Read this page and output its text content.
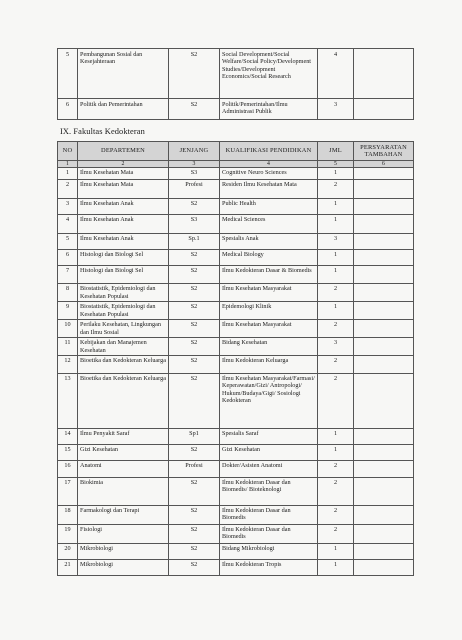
5	Pembangunan Sosial dan Kesejahteraan	S2	Social Development/Social Welfare/Social Policy/Development Studies/Development Economics/Social Research	4	
6	Politik dan Pemerintahan	S2	Politik/Pemerintahan/Ilmu Administrasi Publik	3	
IX. Fakultas Kedokteran
NO	DEPARTEMEN	JENJANG	KUALIFIKASI PENDIDIKAN	JML	PERSYARATAN TAMBAHAN
1	2	3	4	5	6
1	Ilmu Kesehatan Mata	S3	Cognitive Neuro Sciences	1	
2	Ilmu Kesehatan Mata	Profesi	Residen Ilmu Kesehatan Mata	2	
3	Ilmu Kesehatan Anak	S2	Public Health	1	
4	Ilmu Kesehatan Anak	S3	Medical Sciences	1	
5	Ilmu Kesehatan Anak	Sp.1	Spesialis Anak	3	
6	Histologi dan Biologi Sel	S2	Medical Biology	1	
7	Histologi dan Biologi Sel	S2	Ilmu Kedokteran Dasar & Biomedis	1	
8	Biostatistik, Epidemiologi dan Kesehatan Populasi	S2	Ilmu Kesehatan Masyarakat	2	
9	Biostatistik, Epidemiologi dan Kesehatan Populasi	S2	Epidemologi Klinik	1	
10	Perilaku Kesehatan, Lingkungan dan Ilmu Sosial	S2	Ilmu Kesehatan Masyarakat	2	
11	Kebijakan dan Manajemen Kesehatan	S2	Bidang Kesehatan	3	
12	Bioetika dan Kedokteran Keluarga	S2	Ilmu Kedokteran Keluarga	2	
13	Bioetika dan Kedokteran Keluarga	S2	Ilmu Kesehatan Masyarakat/Farmasi/ Keperawatan/Gizi/ Antropologi/ Hukum/Budaya/Gigi/ Sosiologi Kedokteran	2	
14	Ilmu Penyakit Saraf	Sp1	Spesialis Saraf	1	
15	Gizi Kesehatan	S2	Gizi Kesehatan	1	
16	Anatomi	Profesi	Dokter/Asisten Anatomi	2	
17	Biokimia	S2	Ilmu Kedokteran Dasar dan Biomedis/ Bioteknologi	2	
18	Farmakologi dan Terapi	S2	Ilmu Kedokteran Dasar dan Biomedis	2	
19	Fisiologi	S2	Ilmu Kedokteran Dasar dan Biomedis	2	
20	Mikrobiologi	S2	Bidang Mikrobiologi	1	
21	Mikrobiologi	S2	Ilmu Kedokteran Tropis	1	
